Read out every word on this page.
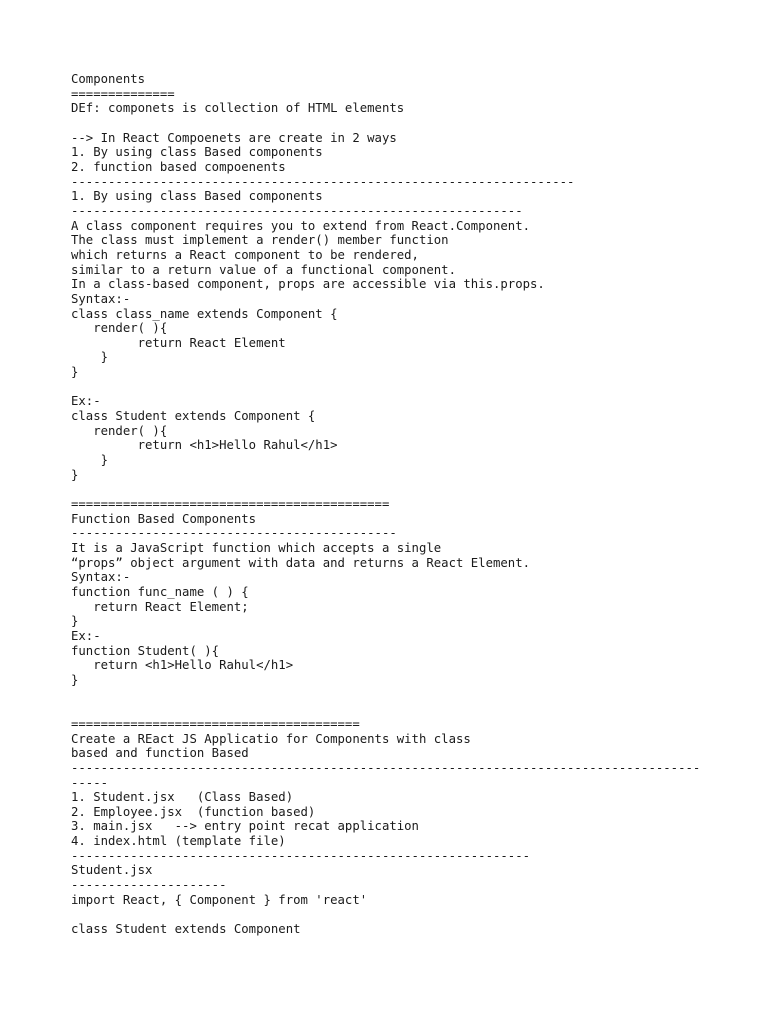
Components
==============
DEf: componets is collection of HTML elements
--> In React Compoenets are create in 2 ways
1. By using class Based components
2. function based compoenents
--------------------------------------------------------------------
1. By using class Based components
-------------------------------------------------------------
A class component requires you to extend from React.Component.
The class must implement a render() member function
which returns a React component to be rendered,
similar to a return value of a functional component.
In a class-based component, props are accessible via this.props.
Syntax:-
class class_name extends Component {
render( ){
return React Element
}
}
Ex:-
class Student extends Component {
render( ){
return <h1>Hello Rahul</h1>
}
}
===========================================
Function Based Components
--------------------------------------------
It is a JavaScript function which accepts a single
“props” object argument with data and returns a React Element.
Syntax:-
function func_name ( ) {
return React Element;
}
Ex:-
function Student( ){
return <h1>Hello Rahul</h1>
}
=======================================
Create a REact JS Applicatio for Components with class
based and function Based
-------------------------------------------------------------------------------------
-----
1. Student.jsx   (Class Based)
2. Employee.jsx  (function based)
3. main.jsx   --> entry point recat application
4. index.html (template file)
--------------------------------------------------------------
Student.jsx
---------------------
import React, { Component } from 'react'
class Student extends Component
